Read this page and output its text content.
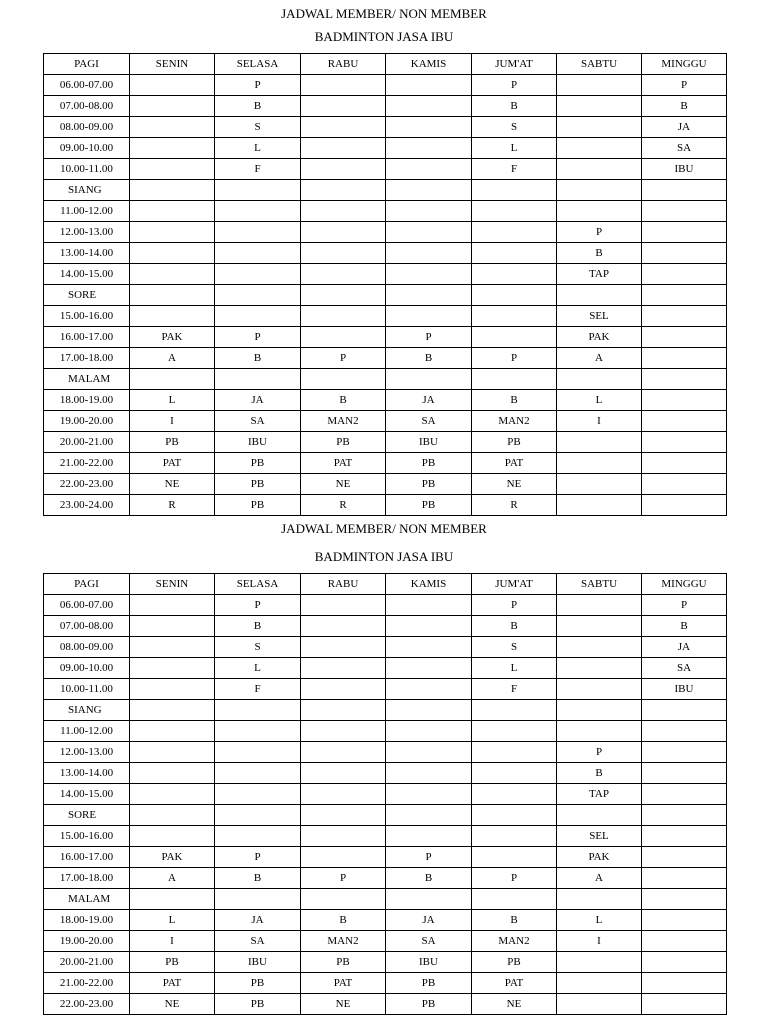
JADWAL MEMBER/ NON MEMBER
BADMINTON JASA IBU
PAGI	SENIN	SELASA	RABU	KAMIS	JUM'AT	SABTU	MINGGU
06.00-07.00		P			P		P
07.00-08.00		B			B		B
08.00-09.00		S			S		JA
09.00-10.00		L			L		SA
10.00-11.00		F			F		IBU
SIANG							
11.00-12.00							
12.00-13.00						P	
13.00-14.00						B	
14.00-15.00						TAP	
SORE							
15.00-16.00						SEL	
16.00-17.00	PAK	P		P		PAK	
17.00-18.00	A	B	P	B	P	A	
MALAM							
18.00-19.00	L	JA	B	JA	B	L	
19.00-20.00	I	SA	MAN2	SA	MAN2	I	
20.00-21.00	PB	IBU	PB	IBU	PB		
21.00-22.00	PAT	PB	PAT	PB	PAT		
22.00-23.00	NE	PB	NE	PB	NE		
23.00-24.00	R	PB	R	PB	R		
JADWAL MEMBER/ NON MEMBER
BADMINTON JASA IBU
PAGI	SENIN	SELASA	RABU	KAMIS	JUM'AT	SABTU	MINGGU
06.00-07.00		P			P		P
07.00-08.00		B			B		B
08.00-09.00		S			S		JA
09.00-10.00		L			L		SA
10.00-11.00		F			F		IBU
SIANG							
11.00-12.00							
12.00-13.00						P	
13.00-14.00						B	
14.00-15.00						TAP	
SORE							
15.00-16.00						SEL	
16.00-17.00	PAK	P		P		PAK	
17.00-18.00	A	B	P	B	P	A	
MALAM							
18.00-19.00	L	JA	B	JA	B	L	
19.00-20.00	I	SA	MAN2	SA	MAN2	I	
20.00-21.00	PB	IBU	PB	IBU	PB		
21.00-22.00	PAT	PB	PAT	PB	PAT		
22.00-23.00	NE	PB	NE	PB	NE		
